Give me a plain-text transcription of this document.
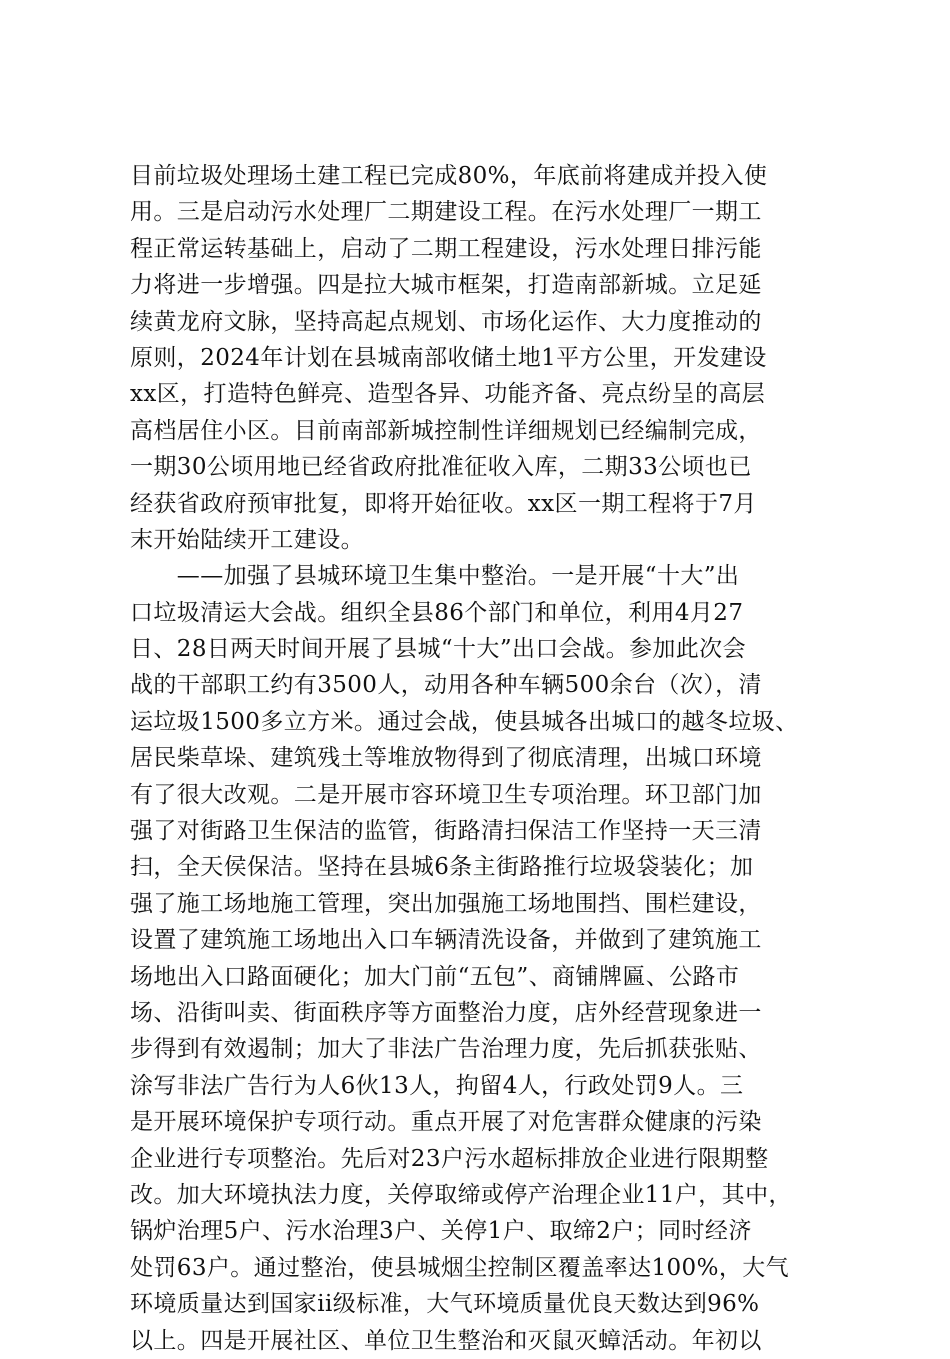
目前垃圾处理场土建工程已完成80%，年底前将建成并投入使
用。三是启动污水处理厂二期建设工程。在污水处理厂一期工
程正常运转基础上，启动了二期工程建设，污水处理日排污能
力将进一步增强。四是拉大城市框架，打造南部新城。立足延
续黄龙府文脉，坚持高起点规划、市场化运作、大力度推动的
原则，2024年计划在县城南部收储土地1平方公里，开发建设
xx区，打造特色鲜亮、造型各异、功能齐备、亮点纷呈的高层
高档居住小区。目前南部新城控制性详细规划已经编制完成，
一期30公顷用地已经省政府批准征收入库，二期33公顷也已
经获省政府预审批复，即将开始征收。xx区一期工程将于7月
末开始陆续开工建设。
　　——加强了县城环境卫生集中整治。一是开展“十大”出
口垃圾清运大会战。组织全县86个部门和单位，利用4月27
日、28日两天时间开展了县城“十大”出口会战。参加此次会
战的干部职工约有3500人，动用各种车辆500余台（次），清
运垃圾1500多立方米。通过会战，使县城各出城口的越冬垃圾、
居民柴草垛、建筑残土等堆放物得到了彻底清理，出城口环境
有了很大改观。二是开展市容环境卫生专项治理。环卫部门加
强了对街路卫生保洁的监管，街路清扫保洁工作坚持一天三清
扫，全天侯保洁。坚持在县城6条主街路推行垃圾袋装化；加
强了施工场地施工管理，突出加强施工场地围挡、围栏建设，
设置了建筑施工场地出入口车辆清洗设备，并做到了建筑施工
场地出入口路面硬化；加大门前“五包”、商铺牌匾、公路市
场、沿街叫卖、街面秩序等方面整治力度，店外经营现象进一
步得到有效遏制；加大了非法广告治理力度，先后抓获张贴、
涂写非法广告行为人6伙13人，拘留4人，行政处罚9人。三
是开展环境保护专项行动。重点开展了对危害群众健康的污染
企业进行专项整治。先后对23户污水超标排放企业进行限期整
改。加大环境执法力度，关停取缔或停产治理企业11户，其中，
锅炉治理5户、污水治理3户、关停1户、取缔2户；同时经济
处罚63户。通过整治，使县城烟尘控制区覆盖率达100%，大气
环境质量达到国家ii级标准，大气环境质量优良天数达到96%
以上。四是开展社区、单位卫生整治和灭鼠灭蟑活动。年初以
